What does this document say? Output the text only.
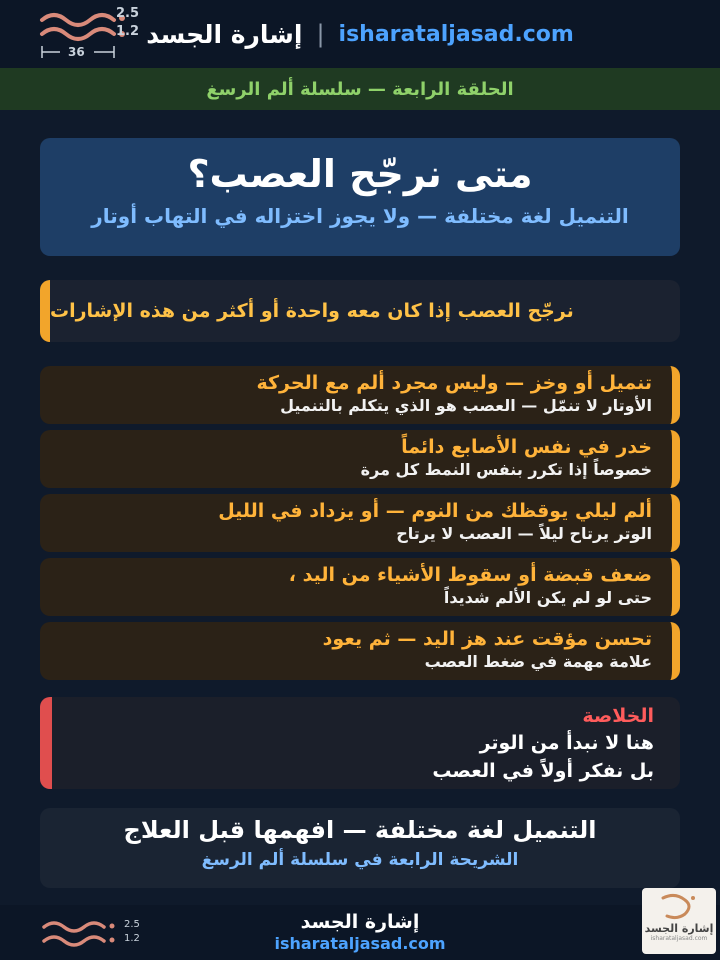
2.5
1.2
36
إشارة الجسد | isharataljasad.com
الحلقة الرابعة — سلسلة ألم الرسغ
متى نرجّح العصب؟
التنميل لغة مختلفة — ولا يجوز اختزاله في التهاب أوتار
نرجّح العصب إذا كان معه واحدة أو أكثر من هذه الإشارات
تنميل أو وخز — وليس مجرد ألم مع الحركة
الأوتار لا تنمّل — العصب هو الذي يتكلم بالتنميل
خدر في نفس الأصابع دائماً
خصوصاً إذا تكرر بنفس النمط كل مرة
ألم ليلي يوقظك من النوم — أو يزداد في الليل
الوتر يرتاح ليلاً — العصب لا يرتاح
ضعف قبضة أو سقوط الأشياء من اليد ،
حتى لو لم يكن الألم شديداً
تحسن مؤقت عند هز اليد — ثم يعود
علامة مهمة في ضغط العصب
الخلاصة
هنا لا نبدأ من الوتر
بل نفكر أولاً في العصب
التنميل لغة مختلفة — افهمها قبل العلاج
الشريحة الرابعة في سلسلة ألم الرسغ
2.5
1.2
إشارة الجسد
isharataljasad.com
إشارة الجسد
isharataljasad.com
